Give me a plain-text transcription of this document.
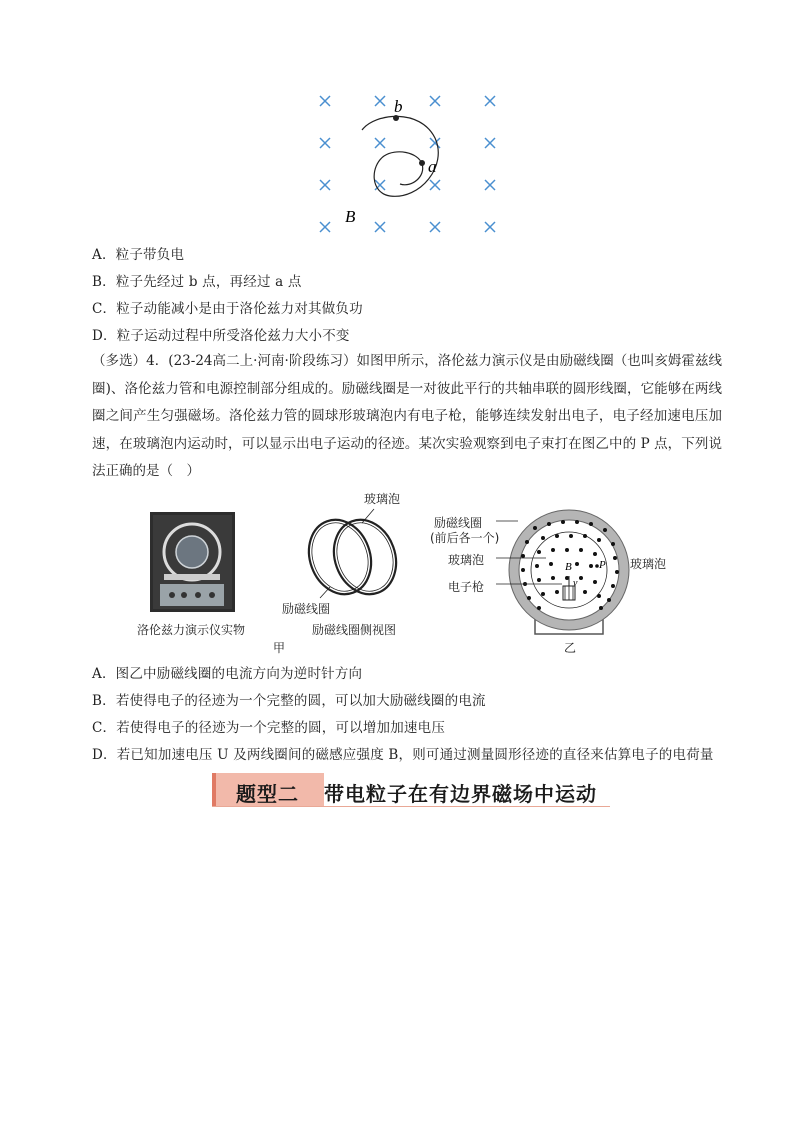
b
a
B
A．粒子带负电
B．粒子先经过 b 点，再经过 a 点
C．粒子动能减小是由于洛伦兹力对其做负功
D．粒子运动过程中所受洛伦兹力大小不变
（多选）4．(23-24高二上·河南·阶段练习）如图甲所示，洛伦兹力演示仪是由励磁线圈（也叫亥姆霍兹线圈)、洛伦兹力管和电源控制部分组成的。励磁线圈是一对彼此平行的共轴串联的圆形线圈，它能够在两线圈之间产生匀强磁场。洛伦兹力管的圆球形玻璃泡内有电子枪，能够连续发射出电子，电子经加速电压加速，在玻璃泡内运动时，可以显示出电子运动的径迹。某次实验观察到电子束打在图乙中的 P 点，下列说法正确的是（　）
洛伦兹力演示仪实物
玻璃泡
励磁线圈
励磁线圈侧视图
甲
B P
v
励磁线圈
(前后各一个)
玻璃泡
电子枪
玻璃泡
乙
A．图乙中励磁线圈的电流方向为逆时针方向
B．若使得电子的径迹为一个完整的圆，可以加大励磁线圈的电流
C．若使得电子的径迹为一个完整的圆，可以增加加速电压
D．若已知加速电压 U 及两线圈间的磁感应强度 B，则可通过测量圆形径迹的直径来估算电子的电荷量
题型二 带电粒子在有边界磁场中运动
